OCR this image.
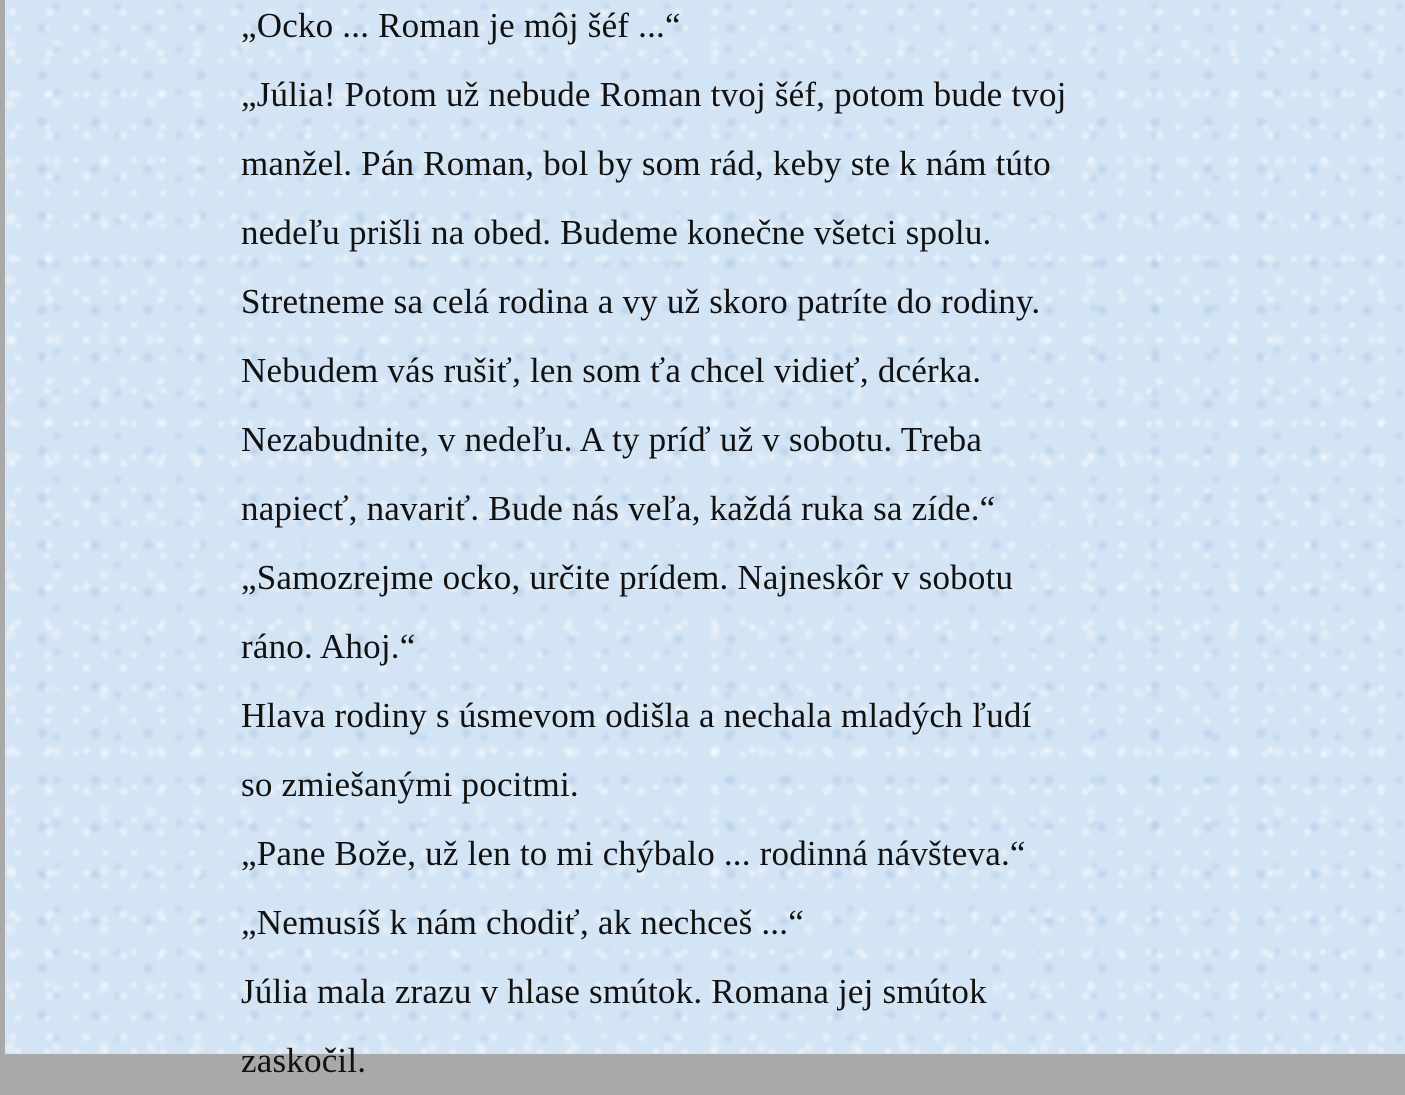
„Ocko ... Roman je môj šéf ...“
„Júlia! Potom už nebude Roman tvoj šéf, potom bude tvoj
manžel. Pán Roman, bol by som rád, keby ste k nám túto
nedeľu prišli na obed. Budeme konečne všetci spolu.
Stretneme sa celá rodina a vy už skoro patríte do rodiny.
Nebudem vás rušiť, len som ťa chcel vidieť, dcérka.
Nezabudnite, v nedeľu. A ty príď už v sobotu. Treba
napiecť, navariť. Bude nás veľa, každá ruka sa zíde.“
„Samozrejme ocko, určite prídem. Najneskôr v sobotu
ráno. Ahoj.“
Hlava rodiny s úsmevom odišla a nechala mladých ľudí
so zmiešanými pocitmi.
„Pane Bože, už len to mi chýbalo ... rodinná návšteva.“
„Nemusíš k nám chodiť, ak nechceš ...“
Júlia mala zrazu v hlase smútok. Romana jej smútok
zaskočil.
